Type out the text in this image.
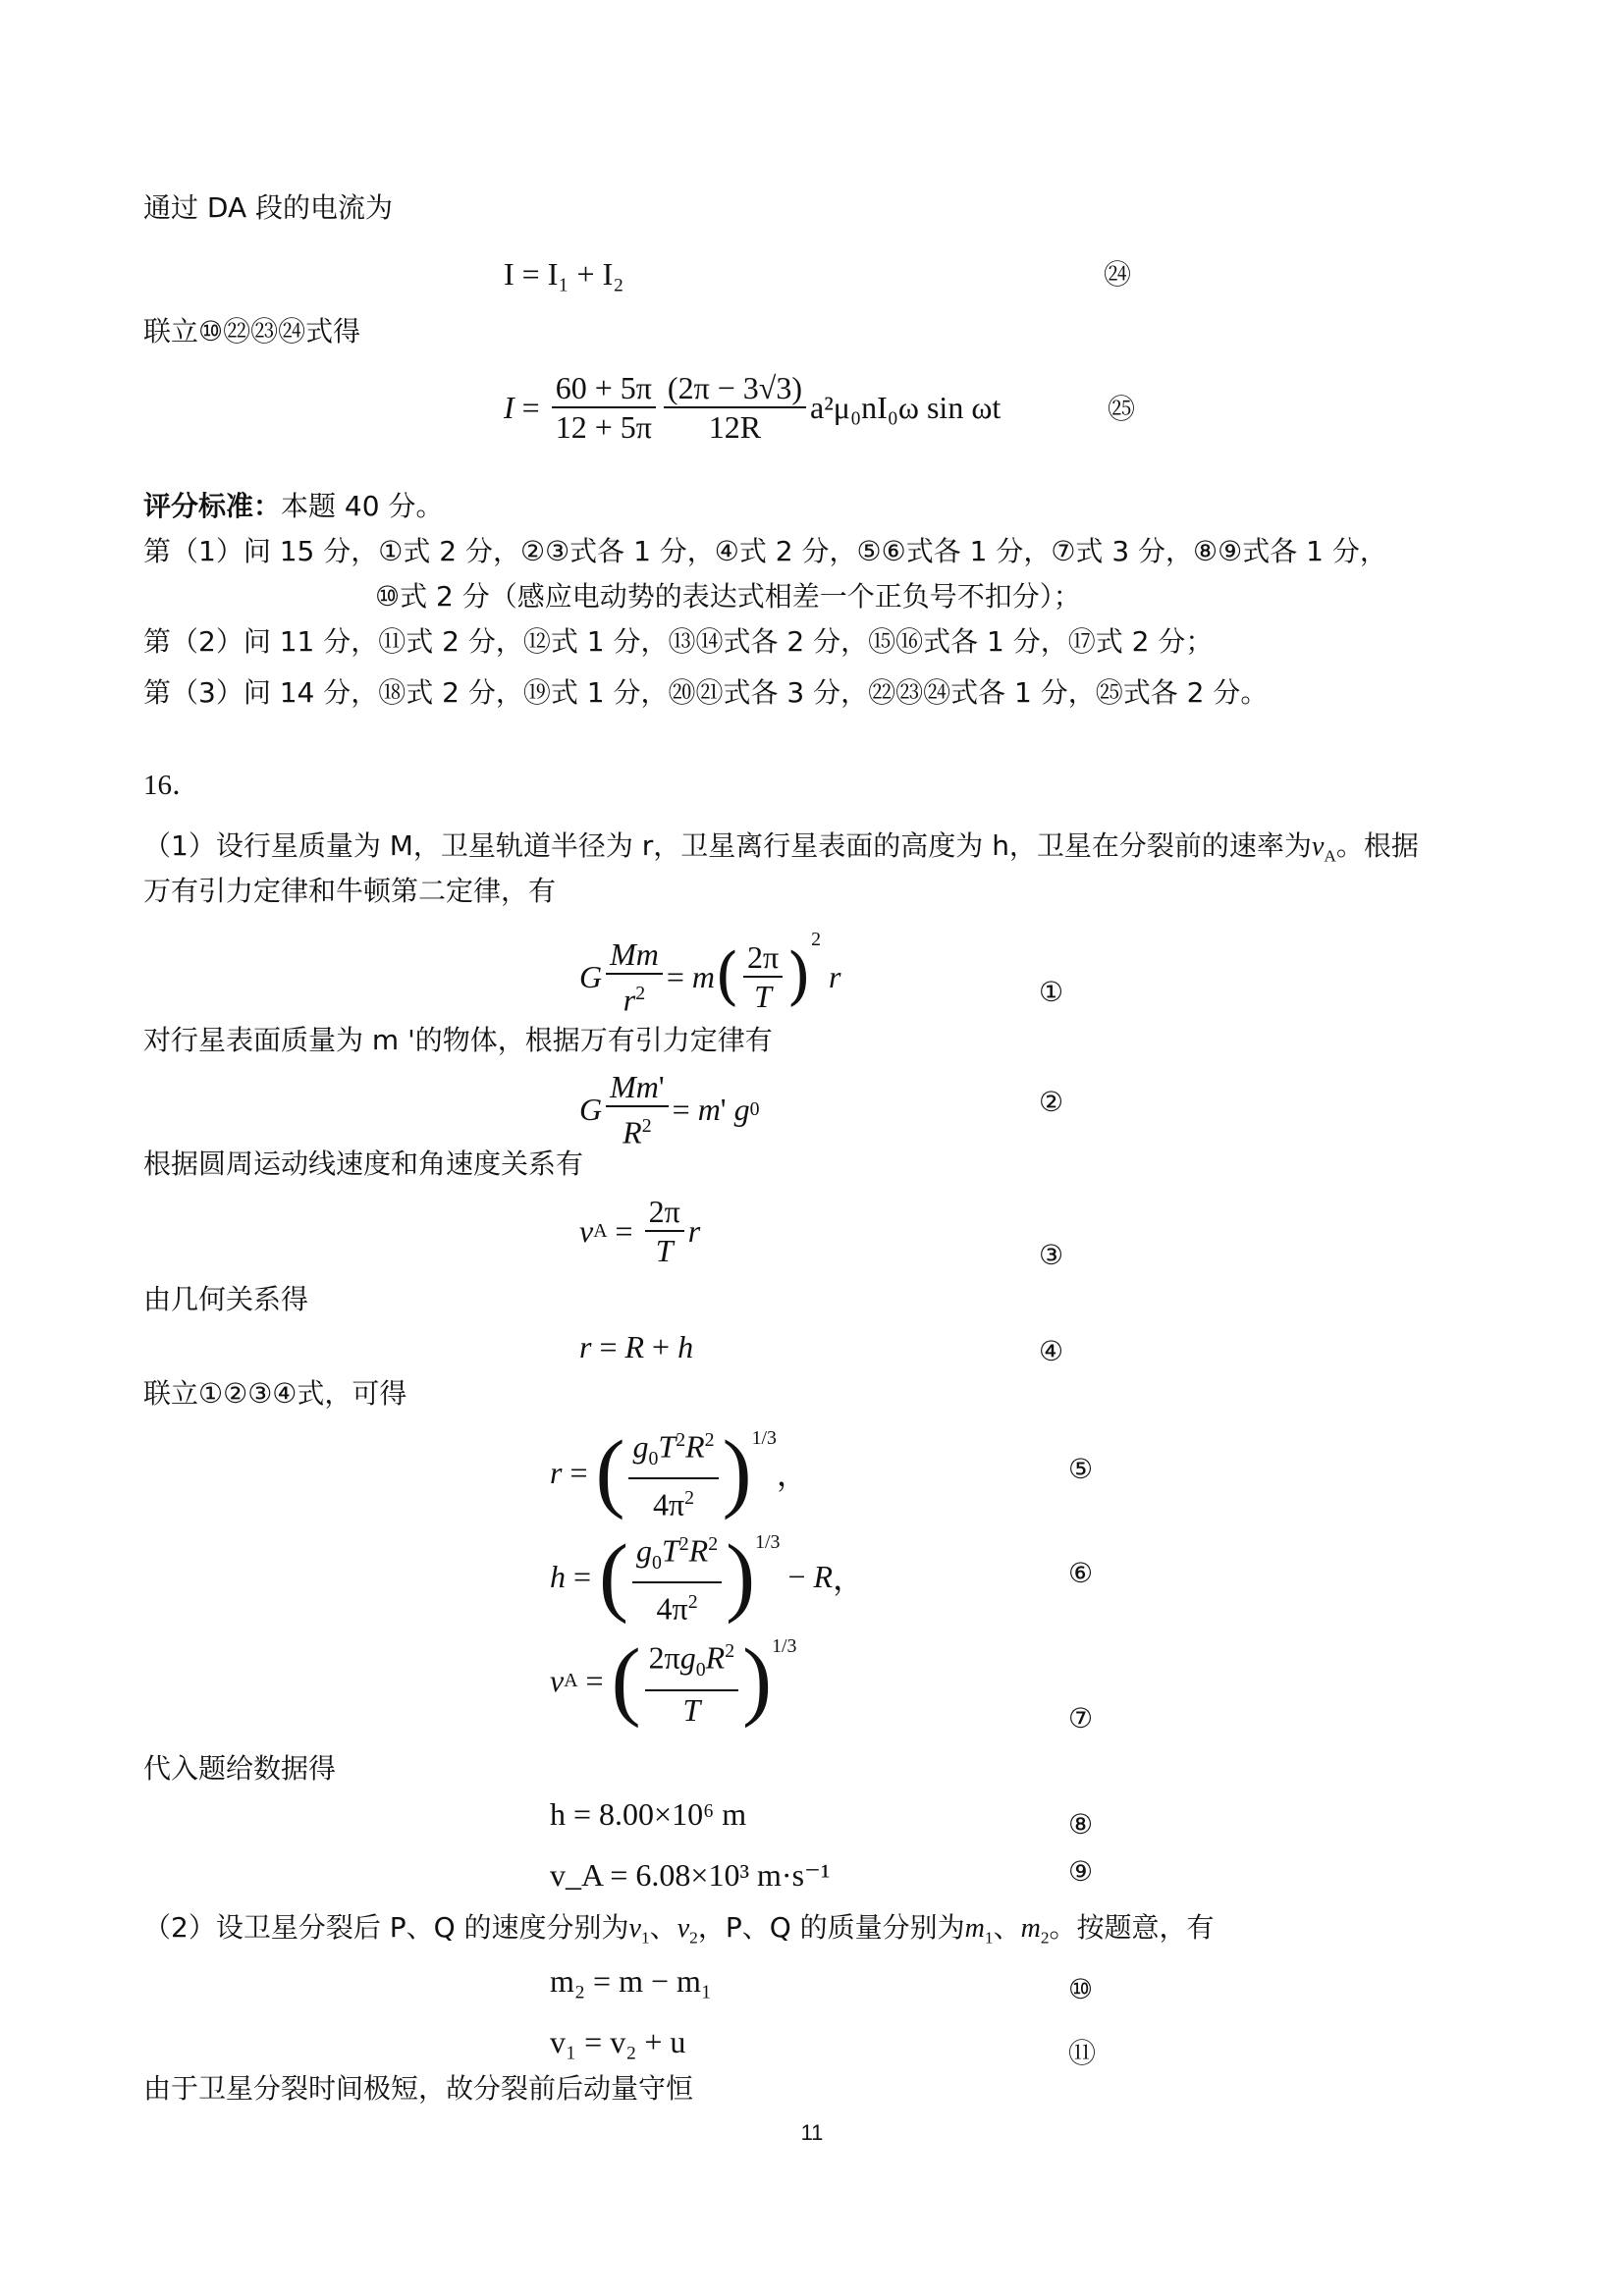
通过 DA 段的电流为
I = I₁ + I₂	㉔
联立⑩㉒㉓㉔式得
$I = \frac{60 + 5\pi}{12 + 5\pi} \frac{(2\pi - 3√3)}{12R} a^2\mu_0nI_0\omega$ sin ωt	㉕
评分标准：本题 40 分。
第（1）问 15 分，①式 2 分，②③式各 1 分，④式 2 分，⑤⑥式各 1 分，⑦式 3 分，⑧⑨式各 1 分，
⑩式 2 分（感应电动势的表达式相差一个正负号不扣分）；
第（2）问 11 分，⑪式 2 分，⑫式 1 分，⑬⑭式各 2 分，⑮⑯式各 1 分，⑰式 2 分；
第（3）问 14 分，⑱式 2 分，⑲式 1 分，⑳㉑式各 3 分，㉒㉓㉔式各 1 分，㉕式各 2 分。
16．
（1）设行星质量为 M，卫星轨道半径为 r，卫星离行星表面的高度为 h，卫星在分裂前的速率为$v_A$。根据
万有引力定律和牛顿第二定律，有
G $\frac{Mm}{r^2} = m$ ( $\frac{2\pi}{T}$ )
$^2$

r	①
对行星表面质量为 m '的物体，根据万有引力定律有
G $\frac{Mm'}{R^2} = m$ ' g 0	②
根据圆周运动线速度和角速度关系有
v $A = \frac{2\pi}{T}$ r
③
由几何关系得
r = R + h	④
联立①②③④式，可得
r = ( $\frac{g_0T^2R^2}{4\pi^2} )^{1/3}$
，	⑤
h = ( $\frac{g_0T^2R^2}{4\pi^2} )^{1/3}$
− R ，	⑥
v A = ( $\frac{2\pi g_0R^2}{T} )^{1/3}$
⑦
代入题给数据得
h = 8.00×10⁶ m	⑧
v_A = 6.08×10³ m·s⁻¹	⑨
（2）设卫星分裂后 P、Q 的速度分别为$v_1$、$v_2$，P、Q 的质量分别为$m_1$、$m_2$。按题意，有
m₂ = m − m₁	⑩
v₁ = v₂ + u	⑪
由于卫星分裂时间极短，故分裂前后动量守恒
11
